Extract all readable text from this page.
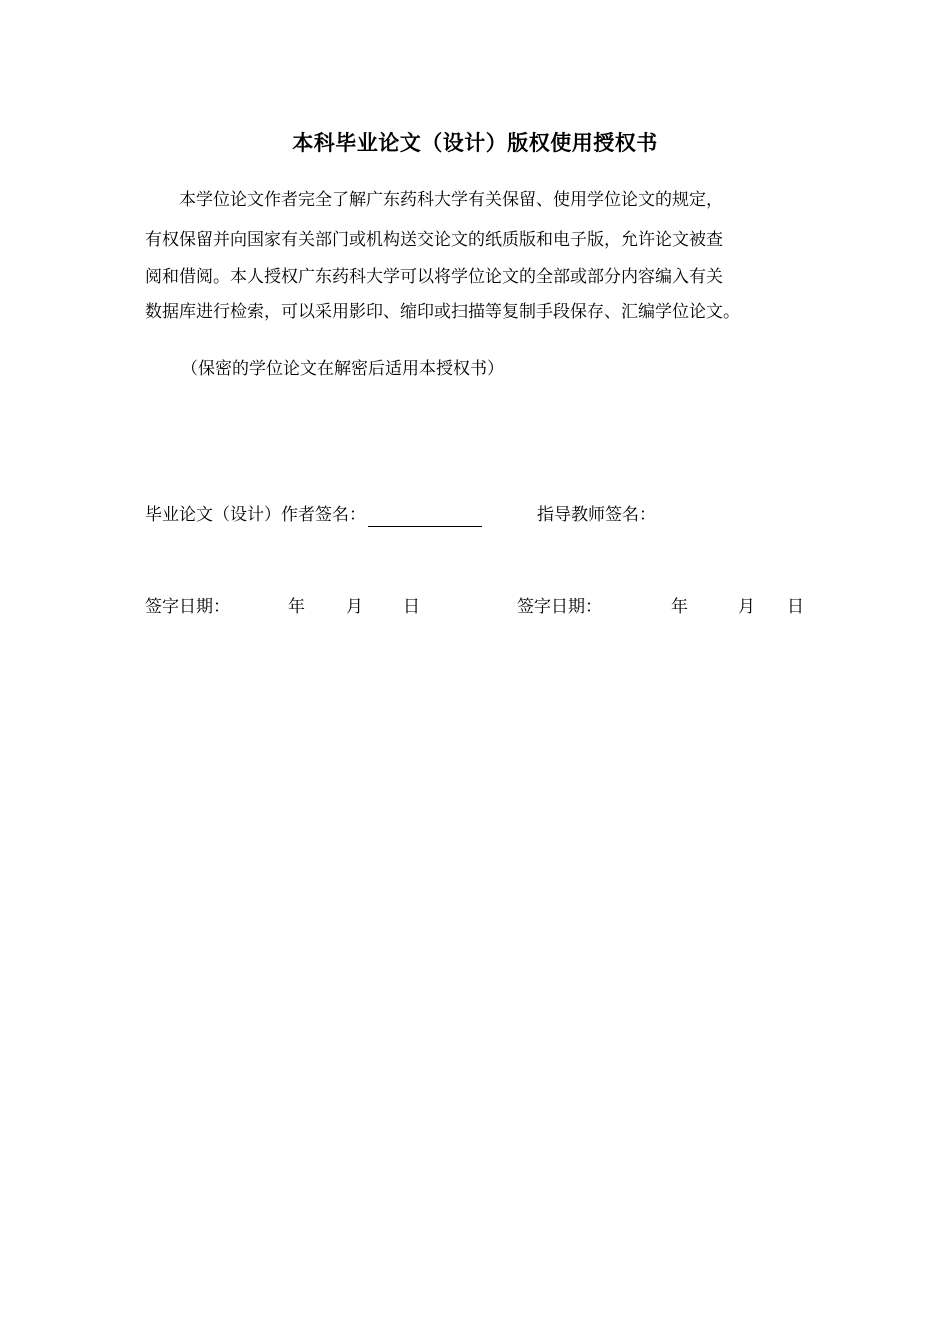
本科毕业论文（设计）版权使用授权书
　　本学位论文作者完全了解广东药科大学有关保留、使用学位论文的规定，
有权保留并向国家有关部门或机构送交论文的纸质版和电子版，允许论文被查
阅和借阅。本人授权广东药科大学可以将学位论文的全部或部分内容编入有关
数据库进行检索，可以采用影印、缩印或扫描等复制手段保存、汇编学位论文。
（保密的学位论文在解密后适用本授权书）
毕业论文（设计）作者签名：	指导教师签名：
签字日期：	年 月 日	签字日期：	年	月 日
